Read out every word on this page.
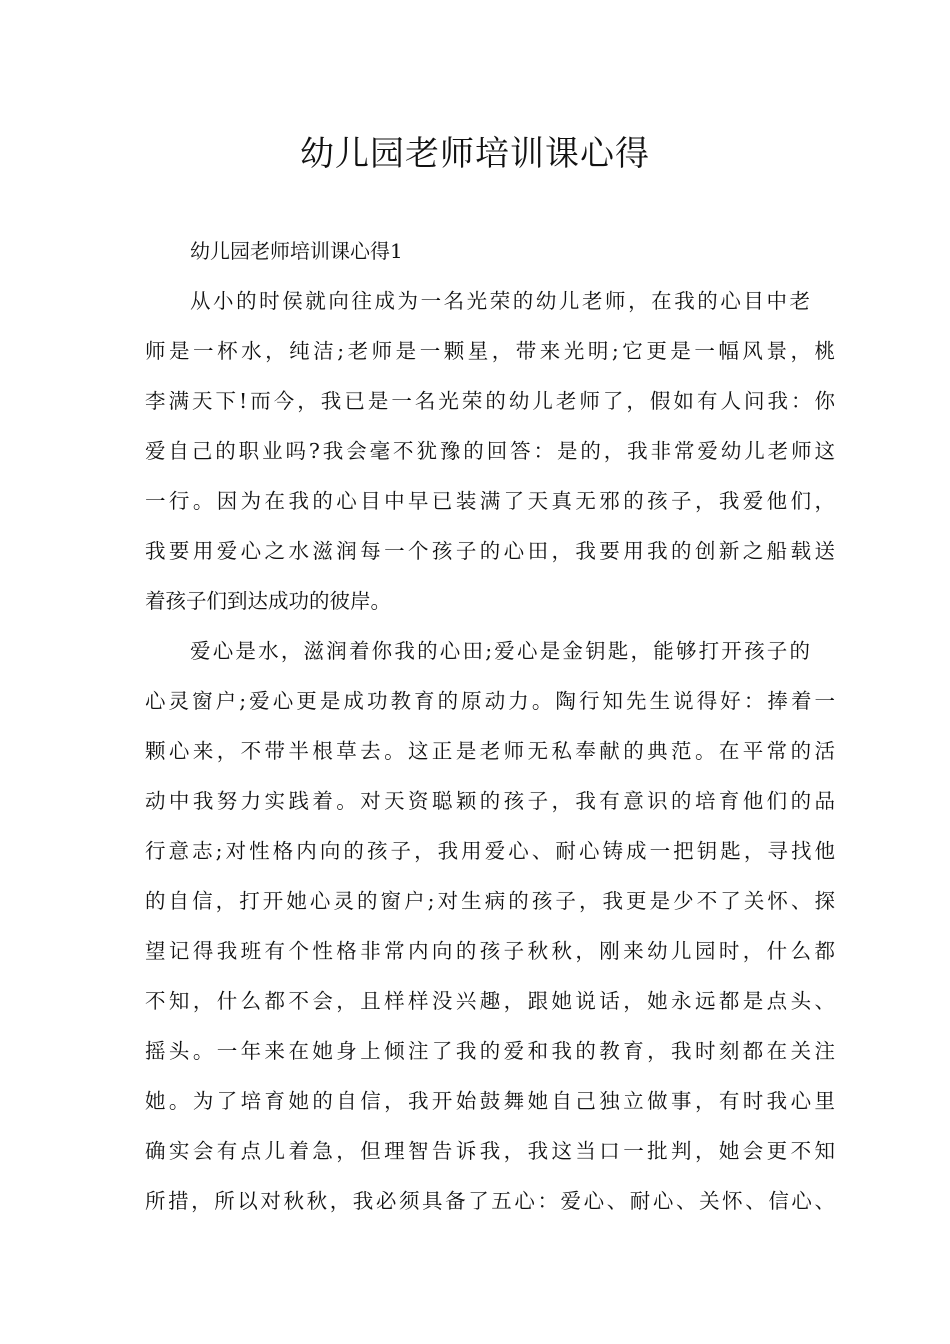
幼儿园老师培训课心得
幼儿园老师培训课心得1
从小的时侯就向往成为一名光荣的幼儿老师，在我的心目中老
师是一杯水，纯洁;老师是一颗星，带来光明;它更是一幅风景，桃
李满天下!而今，我已是一名光荣的幼儿老师了，假如有人问我：你
爱自己的职业吗?我会毫不犹豫的回答：是的，我非常爱幼儿老师这
一行。因为在我的心目中早已装满了天真无邪的孩子，我爱他们，
我要用爱心之水滋润每一个孩子的心田，我要用我的创新之船载送
着孩子们到达成功的彼岸。
爱心是水，滋润着你我的心田;爱心是金钥匙，能够打开孩子的
心灵窗户;爱心更是成功教育的原动力。陶行知先生说得好：捧着一
颗心来，不带半根草去。这正是老师无私奉献的典范。在平常的活
动中我努力实践着。对天资聪颖的孩子，我有意识的培育他们的品
行意志;对性格内向的孩子，我用爱心、耐心铸成一把钥匙，寻找他
的自信，打开她心灵的窗户;对生病的孩子，我更是少不了关怀、探
望记得我班有个性格非常内向的孩子秋秋，刚来幼儿园时，什么都
不知，什么都不会，且样样没兴趣，跟她说话，她永远都是点头、
摇头。一年来在她身上倾注了我的爱和我的教育，我时刻都在关注
她。为了培育她的自信，我开始鼓舞她自己独立做事，有时我心里
确实会有点儿着急，但理智告诉我，我这当口一批判，她会更不知
所措，所以对秋秋，我必须具备了五心：爱心、耐心、关怀、信心、
